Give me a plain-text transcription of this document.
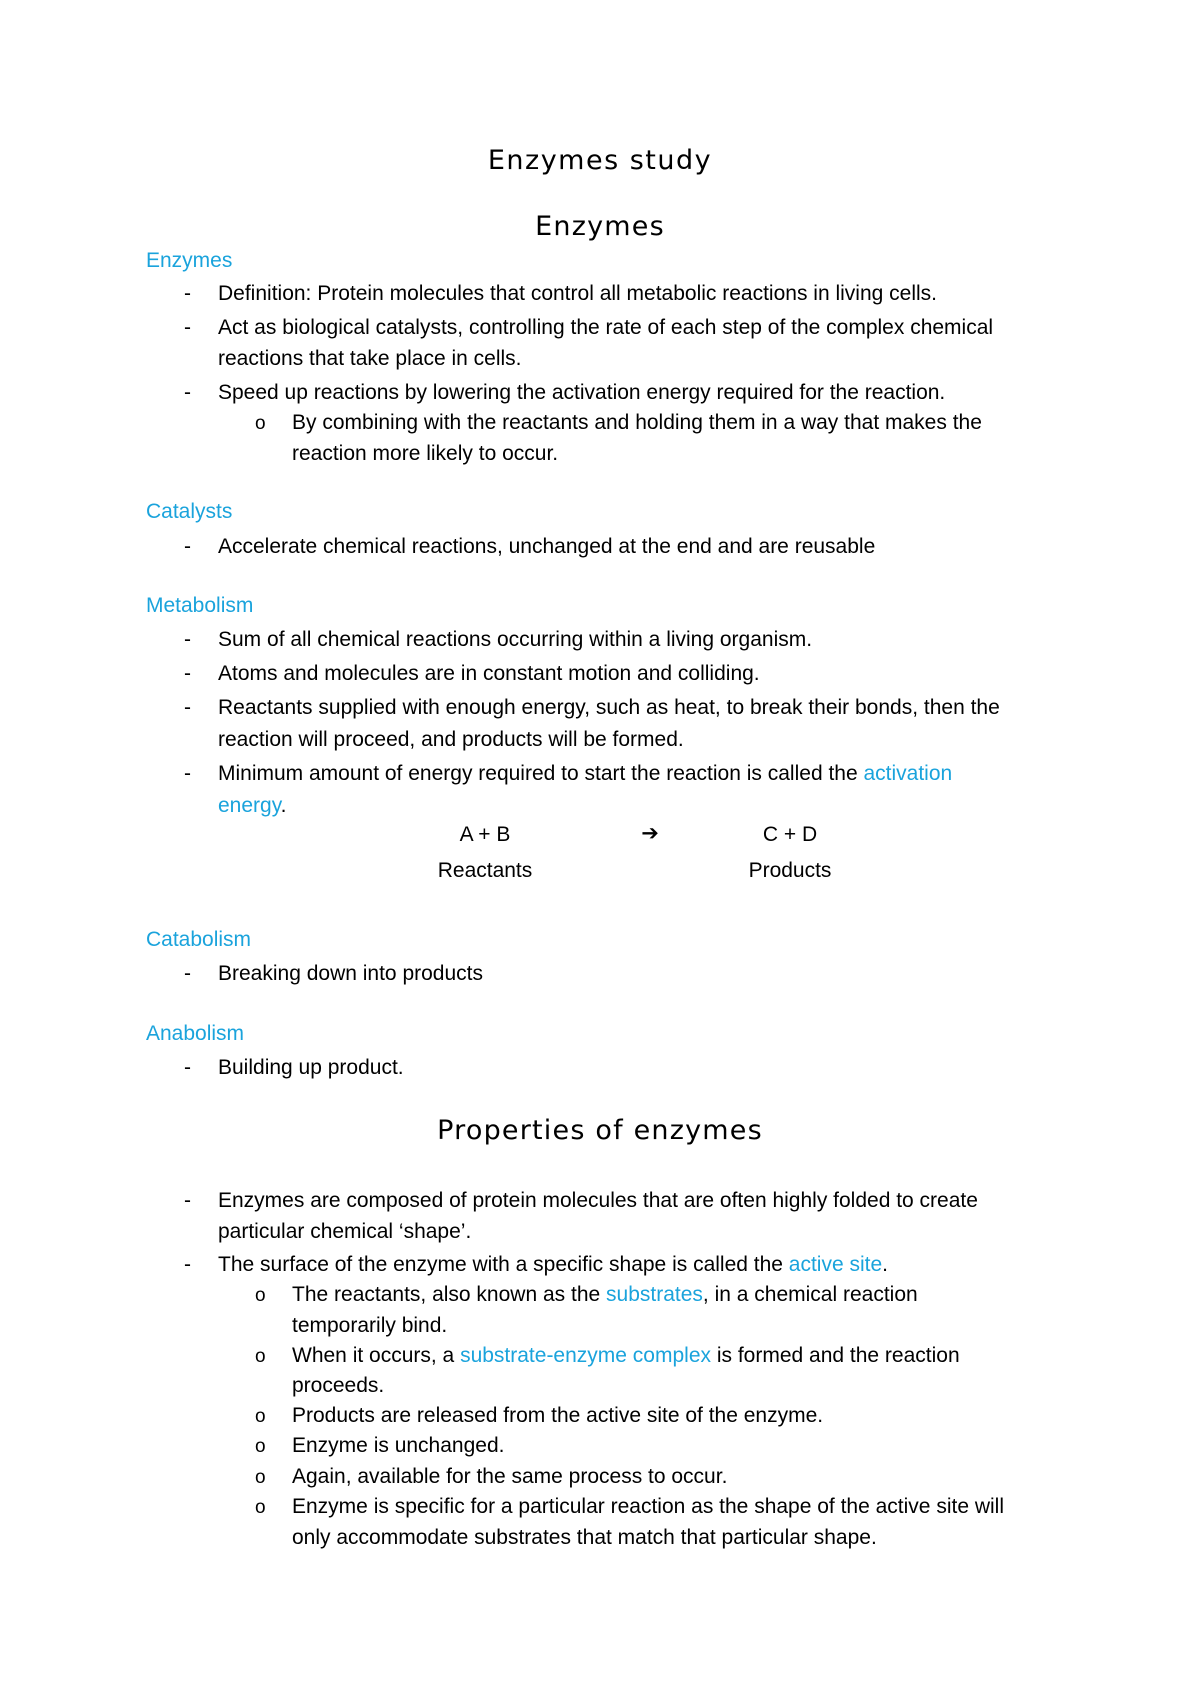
Enzymes study
Enzymes
Enzymes
- Definition: Protein molecules that control all metabolic reactions in living cells.
- Act as biological catalysts, controlling the rate of each step of the complex chemical
reactions that take place in cells.
- Speed up reactions by lowering the activation energy required for the reaction.
o By combining with the reactants and holding them in a way that makes the
reaction more likely to occur.
Catalysts
- Accelerate chemical reactions, unchanged at the end and are reusable
Metabolism
- Sum of all chemical reactions occurring within a living organism.
- Atoms and molecules are in constant motion and colliding.
- Reactants supplied with enough energy, such as heat, to break their bonds, then the
reaction will proceed, and products will be formed.
- Minimum amount of energy required to start the reaction is called the activation
energy.
A + B	➔	C + D
Reactants	Products
Catabolism
- Breaking down into products
Anabolism
- Building up product.
Properties of enzymes
- Enzymes are composed of protein molecules that are often highly folded to create
particular chemical ‘shape’.
- The surface of the enzyme with a specific shape is called the active site.
o The reactants, also known as the substrates, in a chemical reaction
temporarily bind.
o When it occurs, a substrate-enzyme complex is formed and the reaction
proceeds.
o Products are released from the active site of the enzyme.
o Enzyme is unchanged.
o Again, available for the same process to occur.
o Enzyme is specific for a particular reaction as the shape of the active site will
only accommodate substrates that match that particular shape.
